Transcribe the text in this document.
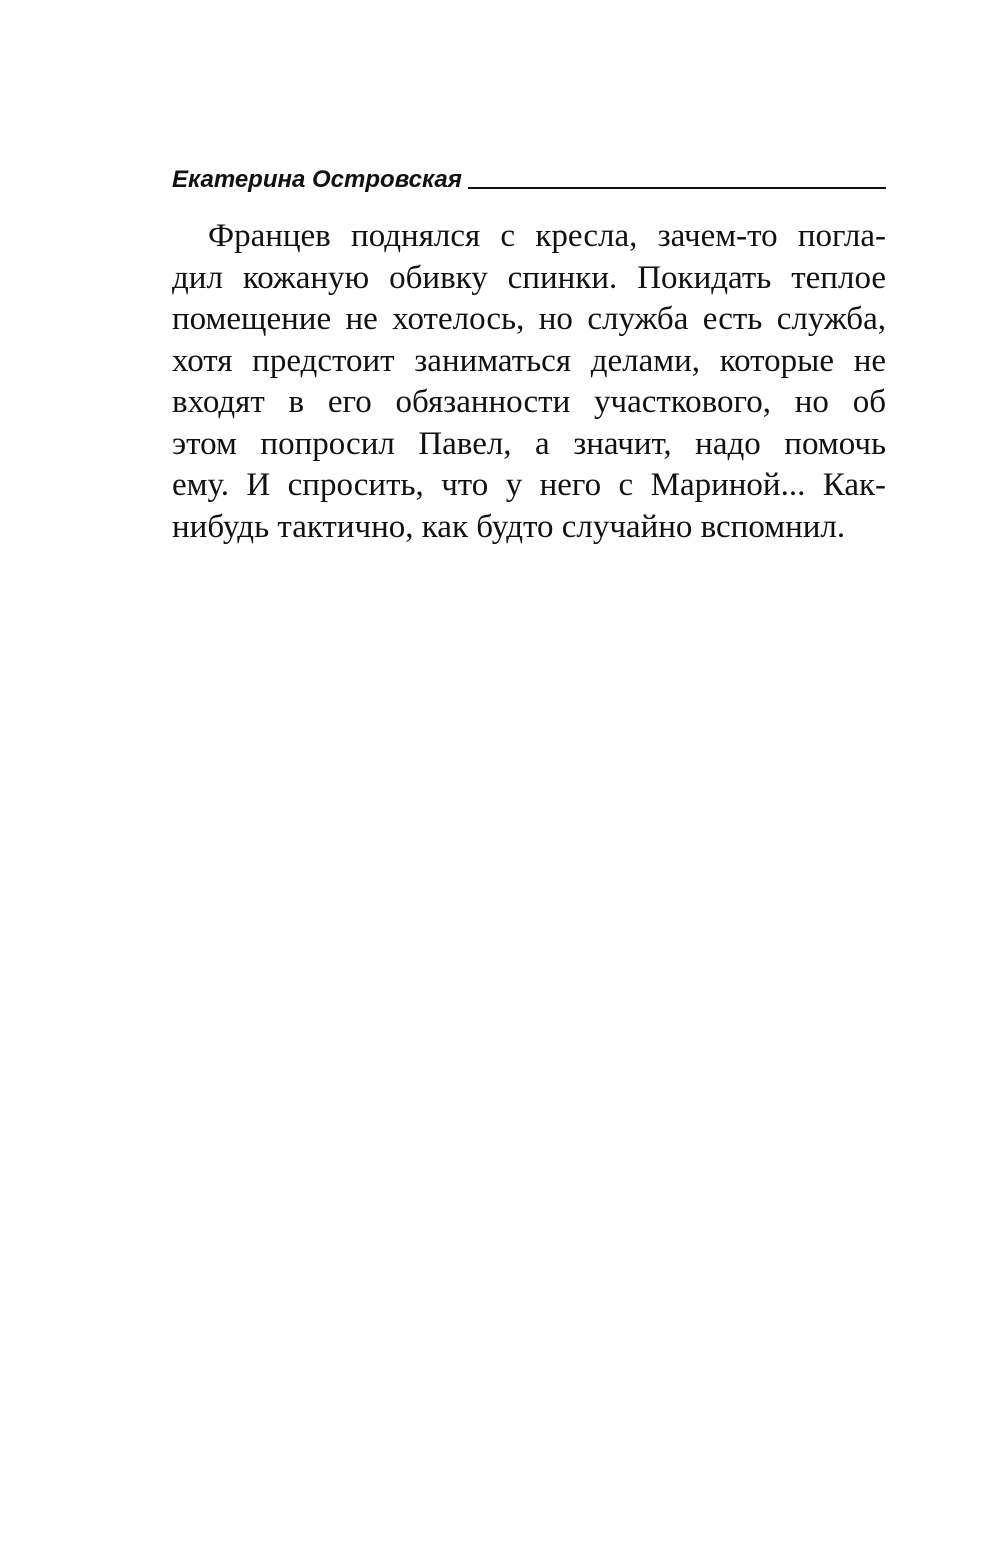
Екатерина Островская
Францев поднялся с кресла, зачем-то погла-
дил кожаную обивку спинки. Покидать теплое
помещение не хотелось, но служба есть служба,
хотя предстоит заниматься делами, которые не
входят в его обязанности участкового, но об
этом попросил Павел, а значит, надо помочь
ему. И спросить, что у него с Мариной... Как-
нибудь тактично, как будто случайно вспомнил.
